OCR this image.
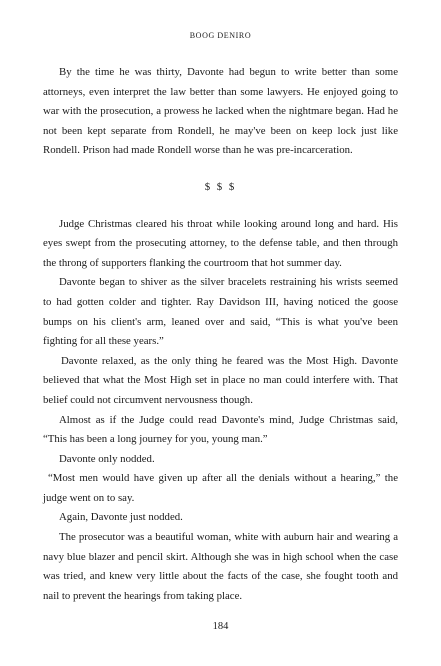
BOOG DENIRO

By the time he was thirty, Davonte had begun to write better than some attorneys, even interpret the law better than some lawyers. He enjoyed going to war with the prosecution, a prowess he lacked when the nightmare began. Had he not been kept separate from Rondell, he may've been on keep lock just like Rondell. Prison had made Rondell worse than he was pre-incarceration.

$ $ $

Judge Christmas cleared his throat while looking around long and hard. His eyes swept from the prosecuting attorney, to the defense table, and then through the throng of supporters flanking the courtroom that hot summer day.

Davonte began to shiver as the silver bracelets restraining his wrists seemed to had gotten colder and tighter. Ray Davidson III, having noticed the goose bumps on his client's arm, leaned over and said, “This is what you've been fighting for all these years.”

Davonte relaxed, as the only thing he feared was the Most High. Davonte believed that what the Most High set in place no man could interfere with. That belief could not circumvent nervousness though.

Almost as if the Judge could read Davonte's mind, Judge Christmas said, “This has been a long journey for you, young man.”

Davonte only nodded.

“Most men would have given up after all the denials without a hearing,” the judge went on to say.

Again, Davonte just nodded.

The prosecutor was a beautiful woman, white with auburn hair and wearing a navy blue blazer and pencil skirt. Although she was in high school when the case was tried, and knew very little about the facts of the case, she fought tooth and nail to prevent the hearings from taking place.

184
